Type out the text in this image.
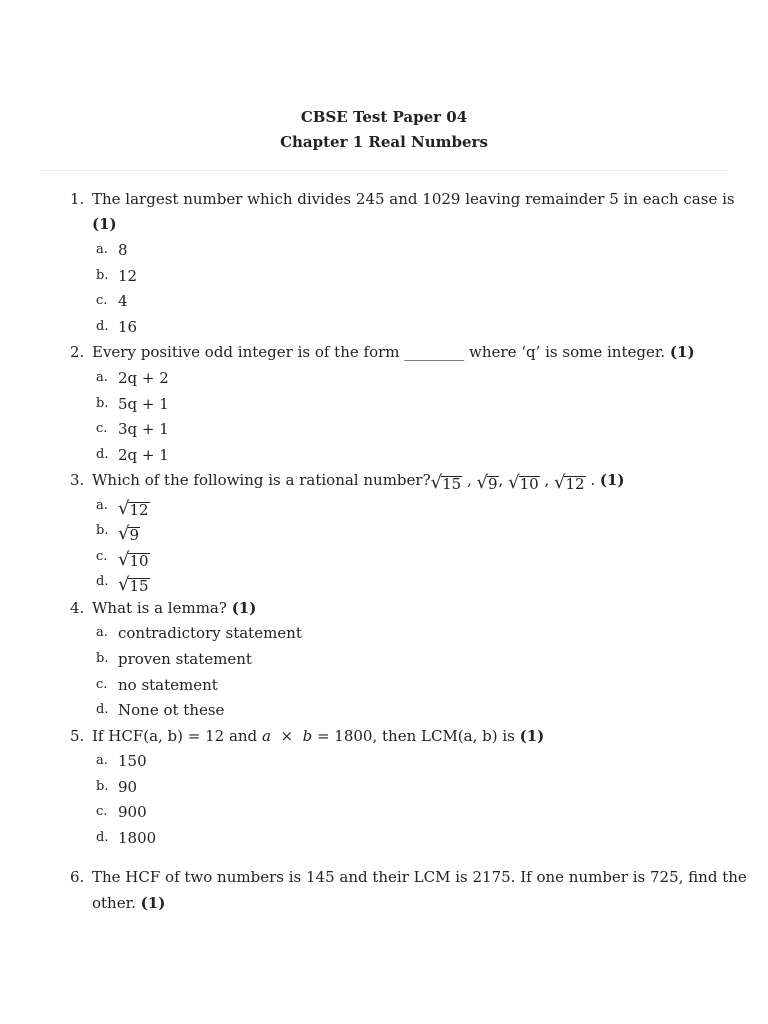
CBSE Test Paper 04
Chapter 1 Real Numbers
1. The largest number which divides 245 and 1029 leaving remainder 5 in each case is
(1)
a. 8
b. 12
c. 4
d. 16
2. Every positive odd integer is of the form ________ where ‘q’ is some integer. (1)
a. 2q + 2
b. 5q + 1
c. 3q + 1
d. 2q + 1
3. Which of the following is a rational number? √ 15 , √ 9 , √ 10 , √ 12 . (1)
a. √ 12
b. √ 9
c. √ 10
d. √ 15
4. What is a lemma? (1)
a. contradictory statement
b. proven statement
c. no statement
d. None ot these
5. If HCF(a, b) = 12 and a × b = 1800, then LCM(a, b) is (1)
a. 150
b. 90
c. 900
d. 1800
6. The HCF of two numbers is 145 and their LCM is 2175. If one number is 725, find the
other. (1)
